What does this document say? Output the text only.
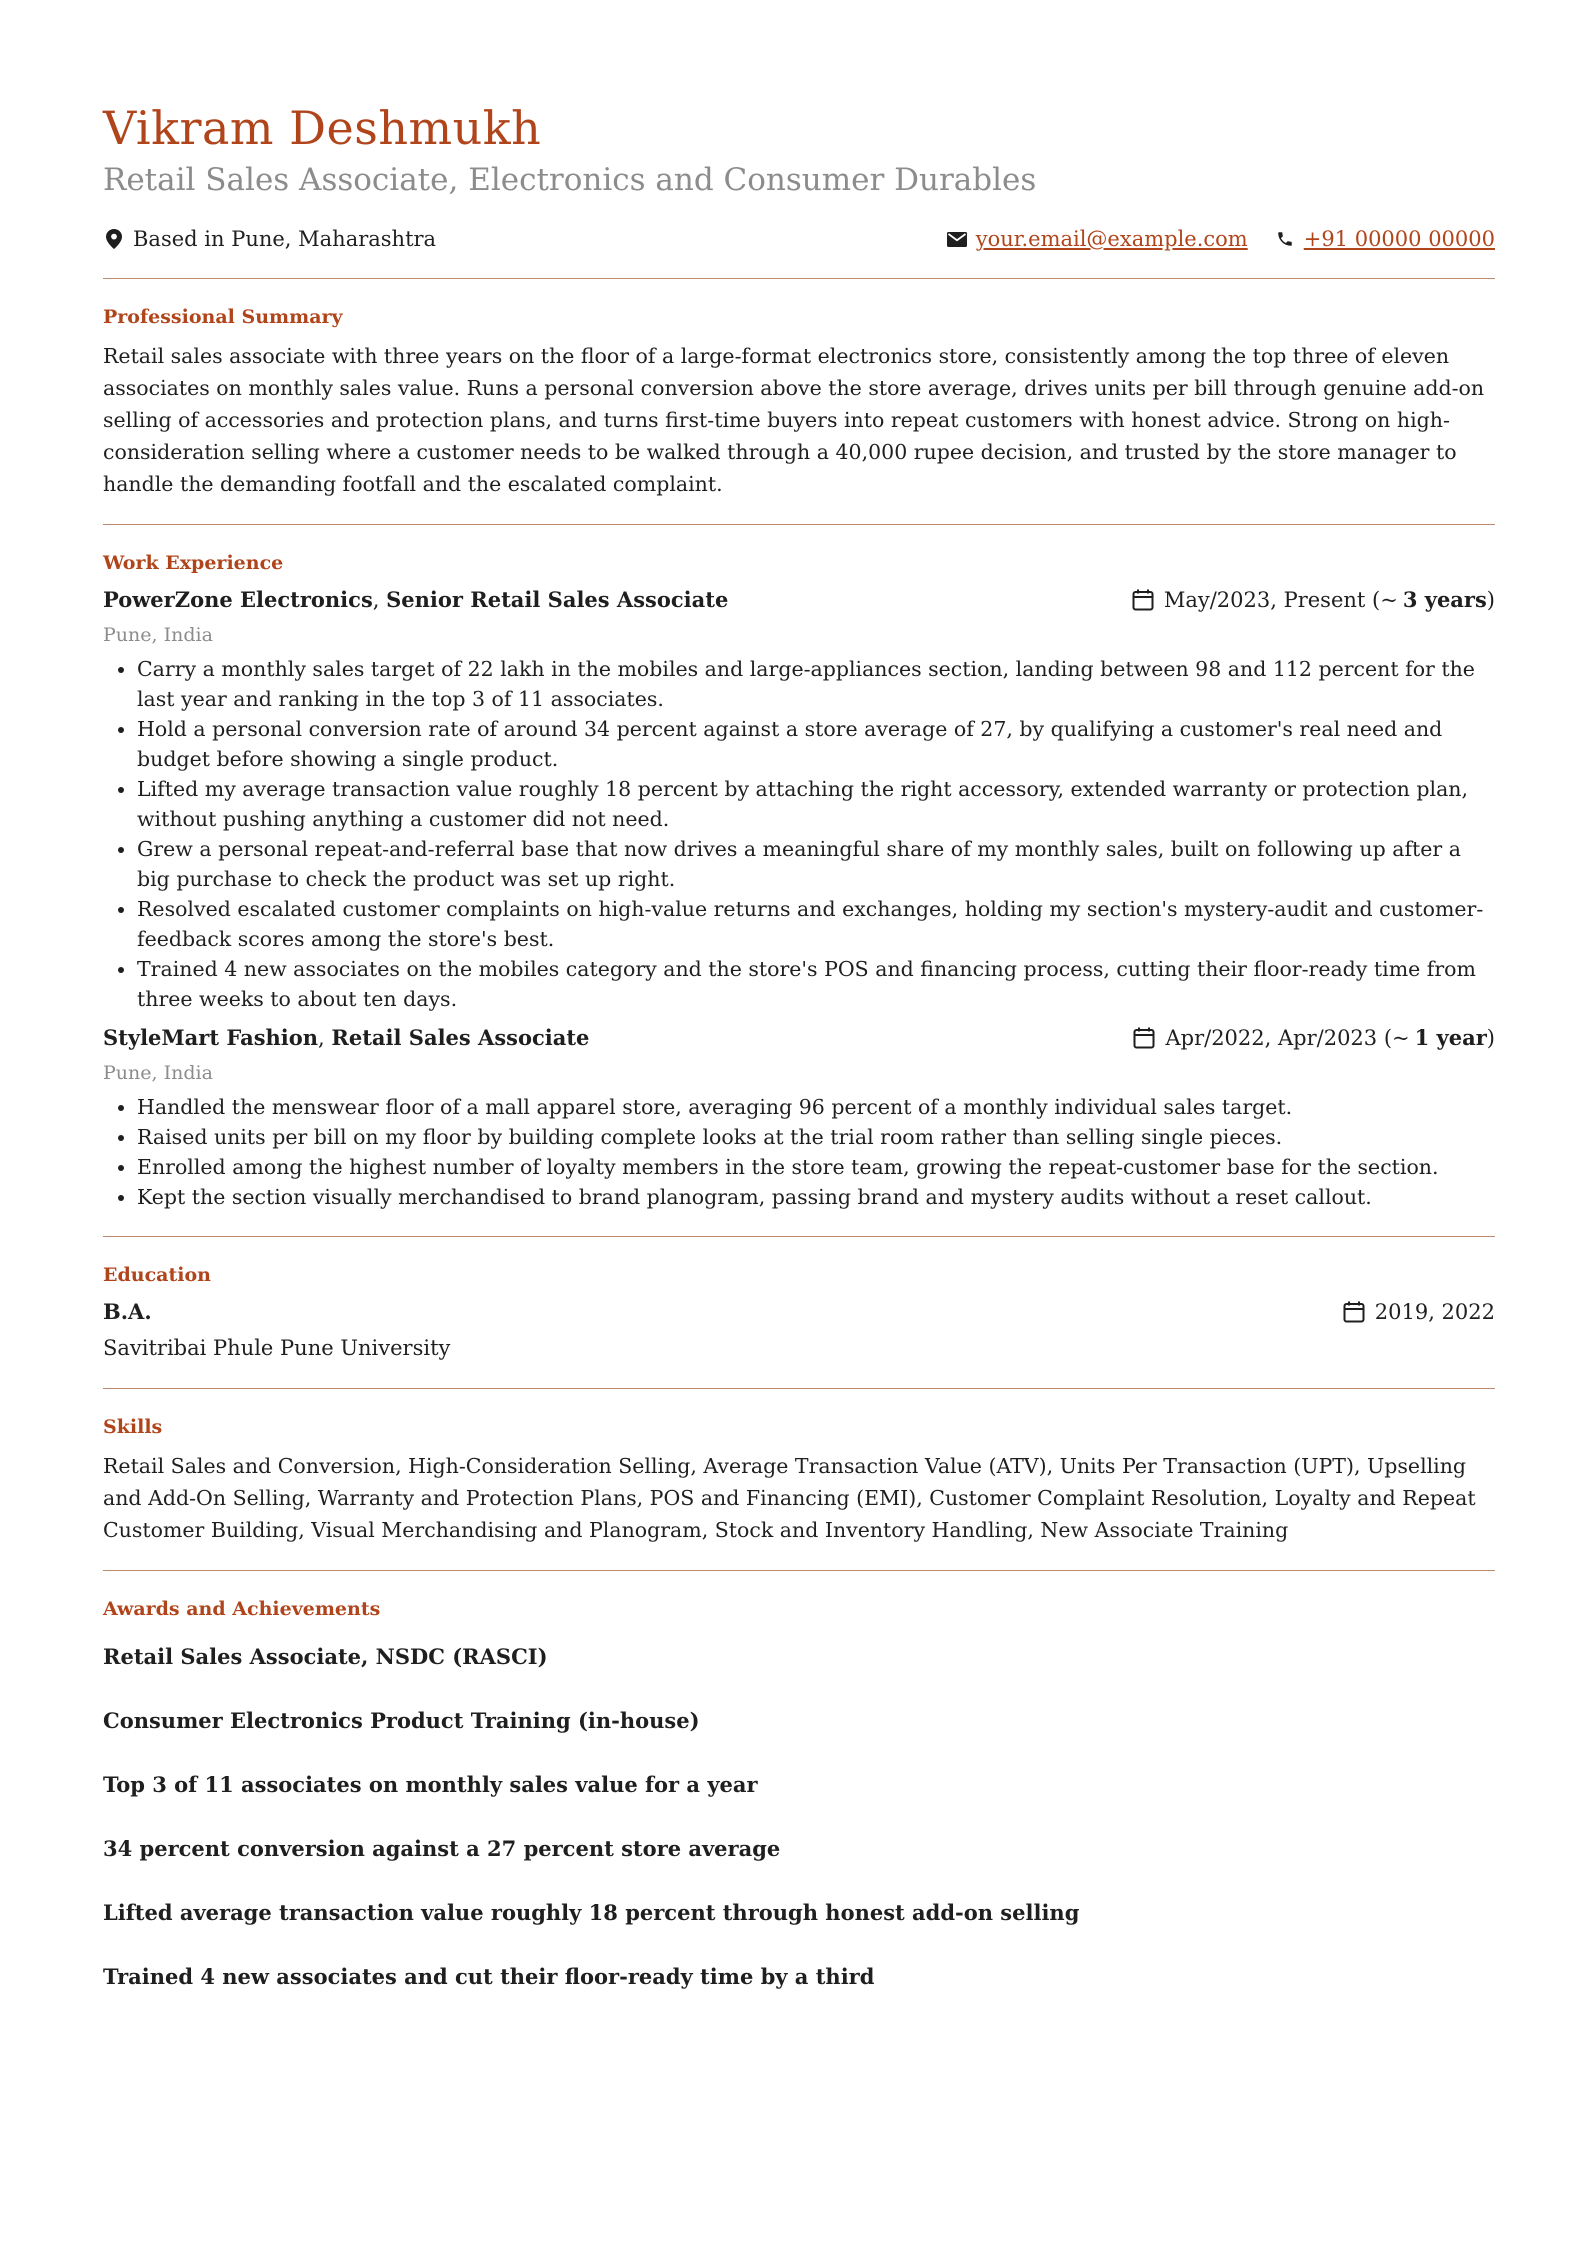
Vikram Deshmukh
Retail Sales Associate, Electronics and Consumer Durables
Based in Pune, Maharashtra	your.email@example.com	+91 00000 00000
Professional Summary
Retail sales associate with three years on the floor of a large-format electronics store, consistently among the top three of eleven associates on monthly sales value. Runs a personal conversion above the store average, drives units per bill through genuine add-on selling of accessories and protection plans, and turns first-time buyers into repeat customers with honest advice. Strong on high-consideration selling where a customer needs to be walked through a 40,000 rupee decision, and trusted by the store manager to handle the demanding footfall and the escalated complaint.
Work Experience
PowerZone Electronics, Senior Retail Sales Associate	May/2023, Present (~ 3 years )
Pune, India
• Carry a monthly sales target of 22 lakh in the mobiles and large-appliances section, landing between 98 and 112 percent for the last year and ranking in the top 3 of 11 associates.
• Hold a personal conversion rate of around 34 percent against a store average of 27, by qualifying a customer's real need and budget before showing a single product.
• Lifted my average transaction value roughly 18 percent by attaching the right accessory, extended warranty or protection plan, without pushing anything a customer did not need.
• Grew a personal repeat-and-referral base that now drives a meaningful share of my monthly sales, built on following up after a big purchase to check the product was set up right.
• Resolved escalated customer complaints on high-value returns and exchanges, holding my section's mystery-audit and customer-feedback scores among the store's best.
• Trained 4 new associates on the mobiles category and the store's POS and financing process, cutting their floor-ready time from three weeks to about ten days.
StyleMart Fashion, Retail Sales Associate	Apr/2022, Apr/2023 (~ 1 year )
Pune, India
• Handled the menswear floor of a mall apparel store, averaging 96 percent of a monthly individual sales target.
• Raised units per bill on my floor by building complete looks at the trial room rather than selling single pieces.
• Enrolled among the highest number of loyalty members in the store team, growing the repeat-customer base for the section.
• Kept the section visually merchandised to brand planogram, passing brand and mystery audits without a reset callout.
Education
B.A.	2019, 2022
Savitribai Phule Pune University
Skills
Retail Sales and Conversion, High-Consideration Selling, Average Transaction Value (ATV), Units Per Transaction (UPT), Upselling and Add-On Selling, Warranty and Protection Plans, POS and Financing (EMI), Customer Complaint Resolution, Loyalty and Repeat Customer Building, Visual Merchandising and Planogram, Stock and Inventory Handling, New Associate Training
Awards and Achievements
Retail Sales Associate, NSDC (RASCI)
Consumer Electronics Product Training (in-house)
Top 3 of 11 associates on monthly sales value for a year
34 percent conversion against a 27 percent store average
Lifted average transaction value roughly 18 percent through honest add-on selling
Trained 4 new associates and cut their floor-ready time by a third
